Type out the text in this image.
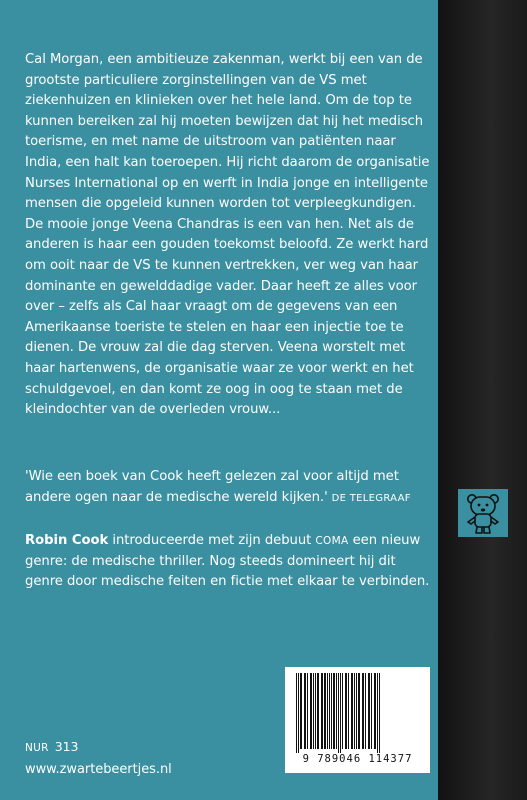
Cal Morgan, een ambitieuze zakenman, werkt bij een van de grootste particuliere zorginstellingen van de VS met ziekenhuizen en klinieken over het hele land. Om de top te kunnen bereiken zal hij moeten bewijzen dat hij het medisch toerisme, en met name de uitstroom van patiënten naar India, een halt kan toeroepen. Hij richt daarom de organisatie Nurses International op en werft in India jonge en intelligente mensen die opgeleid kunnen worden tot verpleegkundigen. De mooie jonge Veena Chandras is een van hen. Net als de anderen is haar een gouden toekomst beloofd. Ze werkt hard om ooit naar de VS te kunnen vertrekken, ver weg van haar dominante en gewelddadige vader. Daar heeft ze alles voor over – zelfs als Cal haar vraagt om de gegevens van een Amerikaanse toeriste te stelen en haar een injectie toe te dienen. De vrouw zal die dag sterven. Veena worstelt met haar hartenwens, de organisatie waar ze voor werkt en het schuldgevoel, en dan komt ze oog in oog te staan met de kleindochter van de overleden vrouw...
'Wie een boek van Cook heeft gelezen zal voor altijd met andere ogen naar de medische wereld kijken.' DE TELEGRAAF
Robin Cook introduceerde met zijn debuut COMA een nieuw genre: de medische thriller. Nog steeds domineert hij dit genre door medische feiten en fictie met elkaar te verbinden.
NUR 313
www.zwartebeertjes.nl
9 789046 114377
